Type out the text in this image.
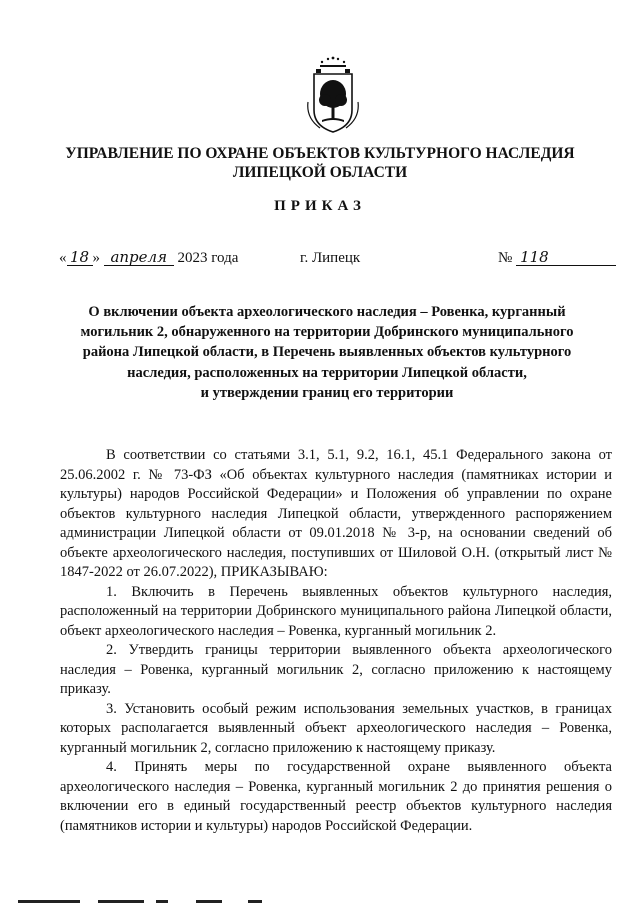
УПРАВЛЕНИЕ ПО ОХРАНЕ ОБЪЕКТОВ КУЛЬТУРНОГО НАСЛЕДИЯ
ЛИПЕЦКОЙ ОБЛАСТИ
ПРИКАЗ
« 18 » апреля 2023 года	г. Липецк	№ 118
О включении объекта археологического наследия – Ровенка, курганный
могильник 2, обнаруженного на территории Добринского муниципального
района Липецкой области, в Перечень выявленных объектов культурного
наследия, расположенных на территории Липецкой области,
и утверждении границ его территории

В соответствии со статьями 3.1, 5.1, 9.2, 16.1, 45.1 Федерального закона от 25.06.2002 г. № 73-ФЗ «Об объектах культурного наследия (памятниках истории и культуры) народов Российской Федерации» и Положения об управлении по охране объектов культурного наследия Липецкой области, утвержденного распоряжением администрации Липецкой области от 09.01.2018 № 3-р, на основании сведений об объекте археологического наследия, поступивших от Шиловой О.Н. (открытый лист № 1847-2022 от 26.07.2022), ПРИКАЗЫВАЮ:

1. Включить в Перечень выявленных объектов культурного наследия, расположенный на территории Добринского муниципального района Липецкой области, объект археологического наследия – Ровенка, курганный могильник 2.

2. Утвердить границы территории выявленного объекта археологического наследия – Ровенка, курганный могильник 2, согласно приложению к настоящему приказу.

3. Установить особый режим использования земельных участков, в границах которых располагается выявленный объект археологического наследия – Ровенка, курганный могильник 2, согласно приложению к настоящему приказу.

4. Принять меры по государственной охране выявленного объекта археологического наследия – Ровенка, курганный могильник 2 до принятия решения о включении его в единый государственный реестр объектов культурного наследия (памятников истории и культуры) народов Российской Федерации.
